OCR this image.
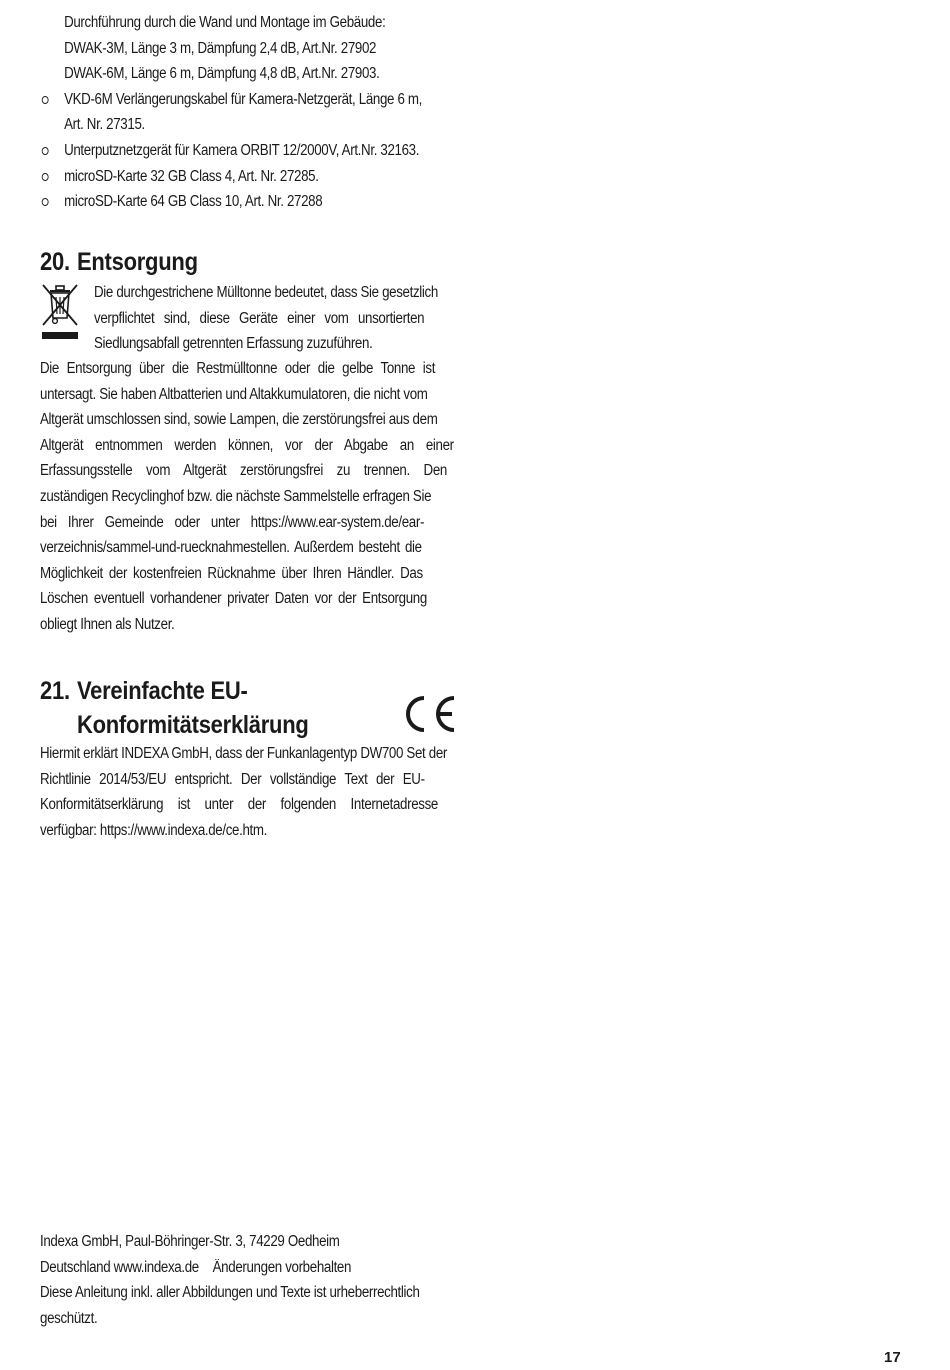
Durchführung durch die Wand und Montage im Gebäude:
DWAK-3M, Länge 3 m, Dämpfung 2,4 dB, Art.Nr. 27902
DWAK-6M, Länge 6 m, Dämpfung 4,8 dB, Art.Nr. 27903.
VKD-6M Verlängerungskabel für Kamera-Netzgerät, Länge 6 m,
Art. Nr. 27315.
Unterputznetzgerät für Kamera ORBIT 12/2000V, Art.Nr. 32163.
microSD-Karte 32 GB Class 4, Art. Nr. 27285.
microSD-Karte 64 GB Class 10, Art. Nr. 27288
20. Entsorgung
Die durchgestrichene Mülltonne bedeutet, dass Sie gesetzlich
verpflichtet sind, diese Geräte einer vom unsortierten
Siedlungsabfall getrennten Erfassung zuzuführen.
Die Entsorgung über die Restmülltonne oder die gelbe Tonne ist
untersagt. Sie haben Altbatterien und Altakkumulatoren, die nicht vom
Altgerät umschlossen sind, sowie Lampen, die zerstörungsfrei aus dem
Altgerät entnommen werden können, vor der Abgabe an einer
Erfassungsstelle vom Altgerät zerstörungsfrei zu trennen. Den
zuständigen Recyclinghof bzw. die nächste Sammelstelle erfragen Sie
bei Ihrer Gemeinde oder unter https://www.ear-system.de/ear-
verzeichnis/sammel-und-ruecknahmestellen. Außerdem besteht die
Möglichkeit der kostenfreien Rücknahme über Ihren Händler. Das
Löschen eventuell vorhandener privater Daten vor der Entsorgung
obliegt Ihnen als Nutzer.
21. Vereinfachte EU-
Konformitätserklärung
Hiermit erklärt INDEXA GmbH, dass der Funkanlagentyp DW700 Set der
Richtlinie 2014/53/EU entspricht. Der vollständige Text der EU-
Konformitätserklärung ist unter der folgenden Internetadresse
verfügbar: https://www.indexa.de/ce.htm.
Indexa GmbH, Paul-Böhringer-Str. 3, 74229 Oedheim
Deutschland www.indexa.de Änderungen vorbehalten
Diese Anleitung inkl. aller Abbildungen und Texte ist urheberrechtlich
geschützt.
17
